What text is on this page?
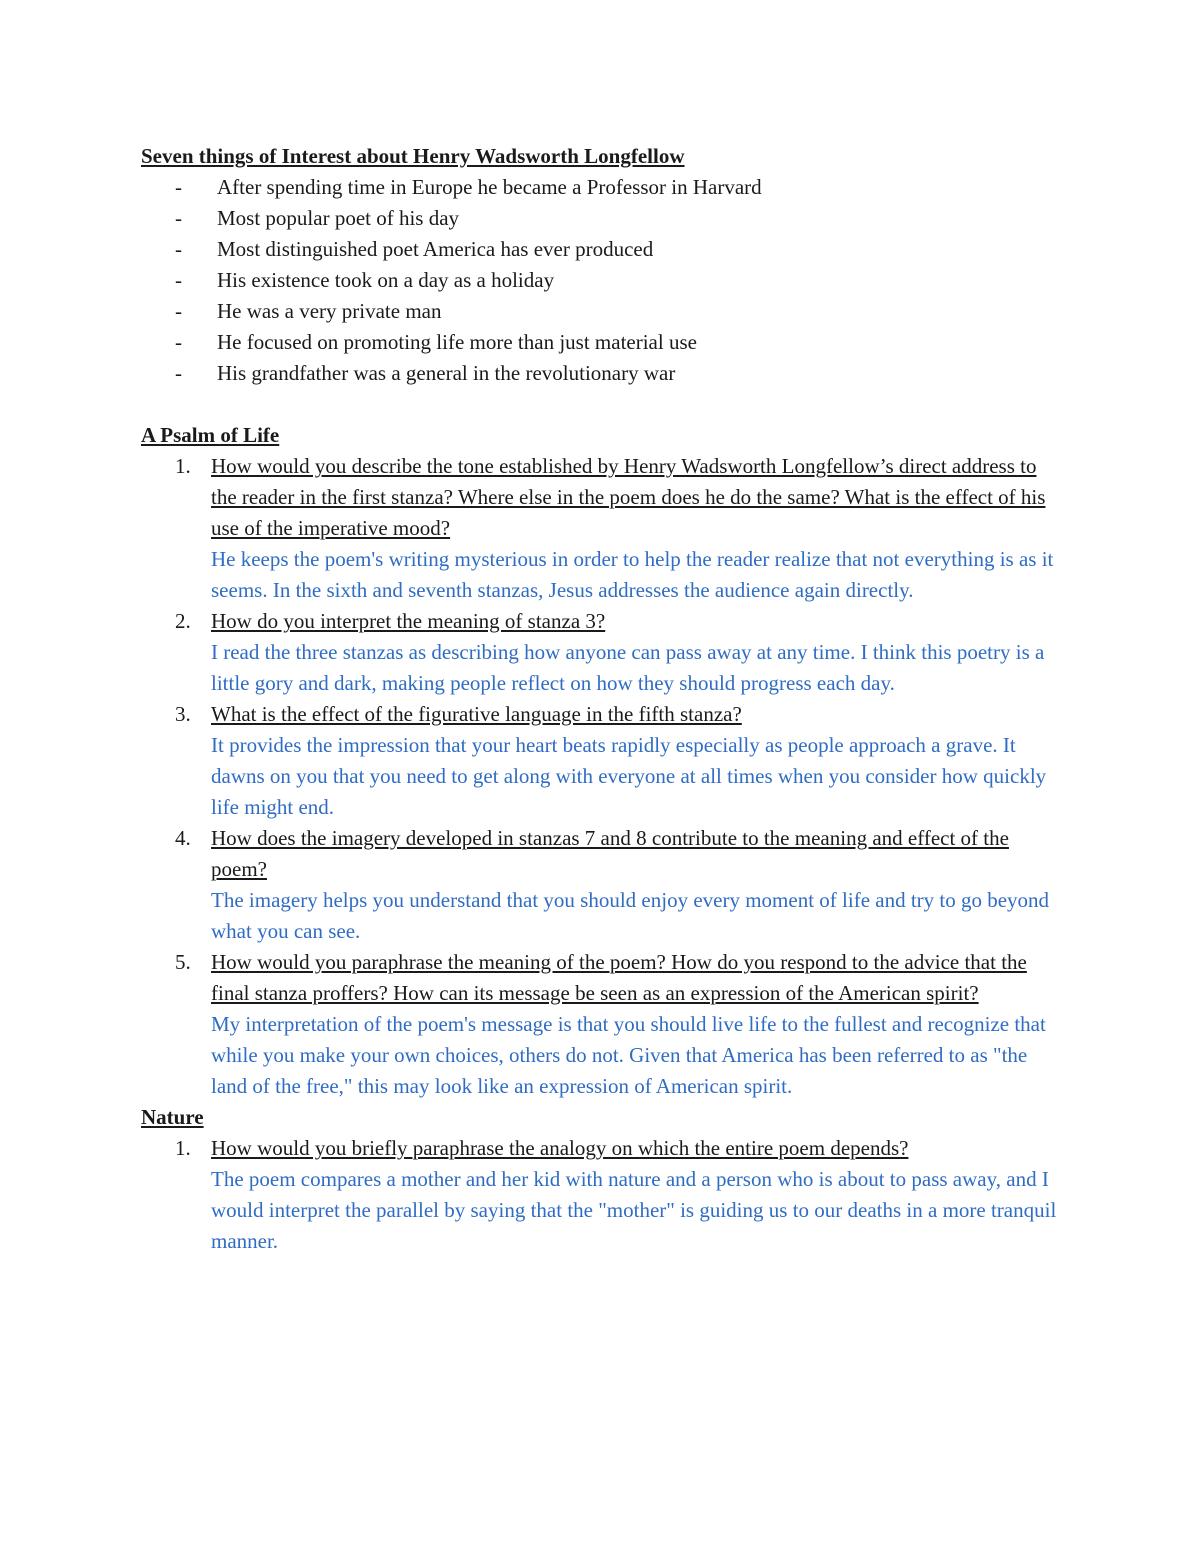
Seven things of Interest about Henry Wadsworth Longfellow

- After spending time in Europe he became a Professor in Harvard
- Most popular poet of his day
- Most distinguished poet America has ever produced
- His existence took on a day as a holiday
- He was a very private man
- He focused on promoting life more than just material use
- His grandfather was a general in the revolutionary war

A Psalm of Life

1. How would you describe the tone established by Henry Wadsworth Longfellow’s direct address to the reader in the first stanza? Where else in the poem does he do the same? What is the effect of his use of the imperative mood?
He keeps the poem's writing mysterious in order to help the reader realize that not everything is as it seems. In the sixth and seventh stanzas, Jesus addresses the audience again directly.
2. How do you interpret the meaning of stanza 3?
I read the three stanzas as describing how anyone can pass away at any time. I think this poetry is a little gory and dark, making people reflect on how they should progress each day.
3. What is the effect of the figurative language in the fifth stanza?
It provides the impression that your heart beats rapidly especially as people approach a grave. It dawns on you that you need to get along with everyone at all times when you consider how quickly life might end.
4. How does the imagery developed in stanzas 7 and 8 contribute to the meaning and effect of the poem?
The imagery helps you understand that you should enjoy every moment of life and try to go beyond what you can see.
5. How would you paraphrase the meaning of the poem? How do you respond to the advice that the final stanza proffers? How can its message be seen as an expression of the American spirit?
My interpretation of the poem's message is that you should live life to the fullest and recognize that while you make your own choices, others do not. Given that America has been referred to as "the land of the free," this may look like an expression of American spirit.

Nature

1. How would you briefly paraphrase the analogy on which the entire poem depends?
The poem compares a mother and her kid with nature and a person who is about to pass away, and I would interpret the parallel by saying that the "mother" is guiding us to our deaths in a more tranquil manner.
